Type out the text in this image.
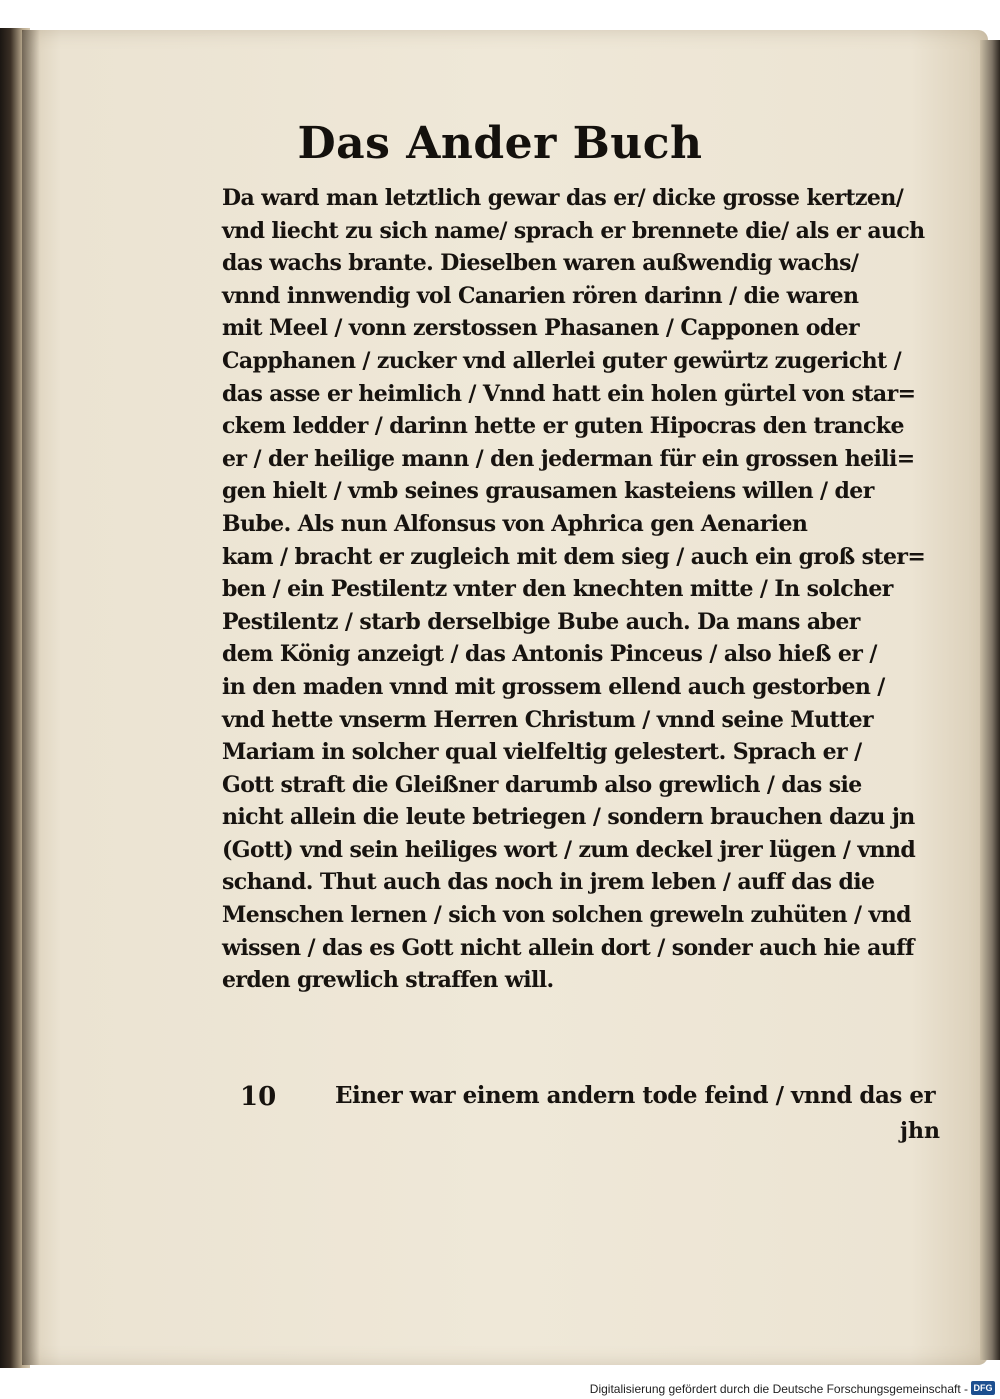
Das Ander Buch
Da ward man letztlich gewar das er/ dicke grosse kertzen/
vnd liecht zu sich name/ sprach er brennete die/ als er auch
das wachs brante. Dieselben waren außwendig wachs/
vnnd innwendig vol Canarien rören darinn / die waren
mit Meel / vonn zerstossen Phasanen / Capponen oder
Capphanen / zucker vnd allerlei guter gewürtz zugericht /
das asse er heimlich / Vnnd hatt ein holen gürtel von star=
ckem ledder / darinn hette er guten Hipocras den trancke
er / der heilige mann / den jederman für ein grossen heili=
gen hielt / vmb seines grausamen kasteiens willen / der
Bube. Als nun Alfonsus von Aphrica gen Aenarien
kam / bracht er zugleich mit dem sieg / auch ein groß ster=
ben / ein Pestilentz vnter den knechten mitte / In solcher
Pestilentz / starb derselbige Bube auch. Da mans aber
dem König anzeigt / das Antonis Pinceus / also hieß er /
in den maden vnnd mit grossem ellend auch gestorben /
vnd hette vnserm Herren Christum / vnnd seine Mutter
Mariam in solcher qual vielfeltig gelestert. Sprach er /
Gott straft die Gleißner darumb also grewlich / das sie
nicht allein die leute betriegen / sondern brauchen dazu jn
(Gott) vnd sein heiliges wort / zum deckel jrer lügen / vnnd
schand. Thut auch das noch in jrem leben / auff das die
Menschen lernen / sich von solchen greweln zuhüten / vnd
wissen / das es Gott nicht allein dort / sonder auch hie auff
erden grewlich straffen will.
10	Einer war einem andern tode feind / vnnd das er
jhn
Digitalisierung gefördert durch die Deutsche Forschungsgemeinschaft - DFG
